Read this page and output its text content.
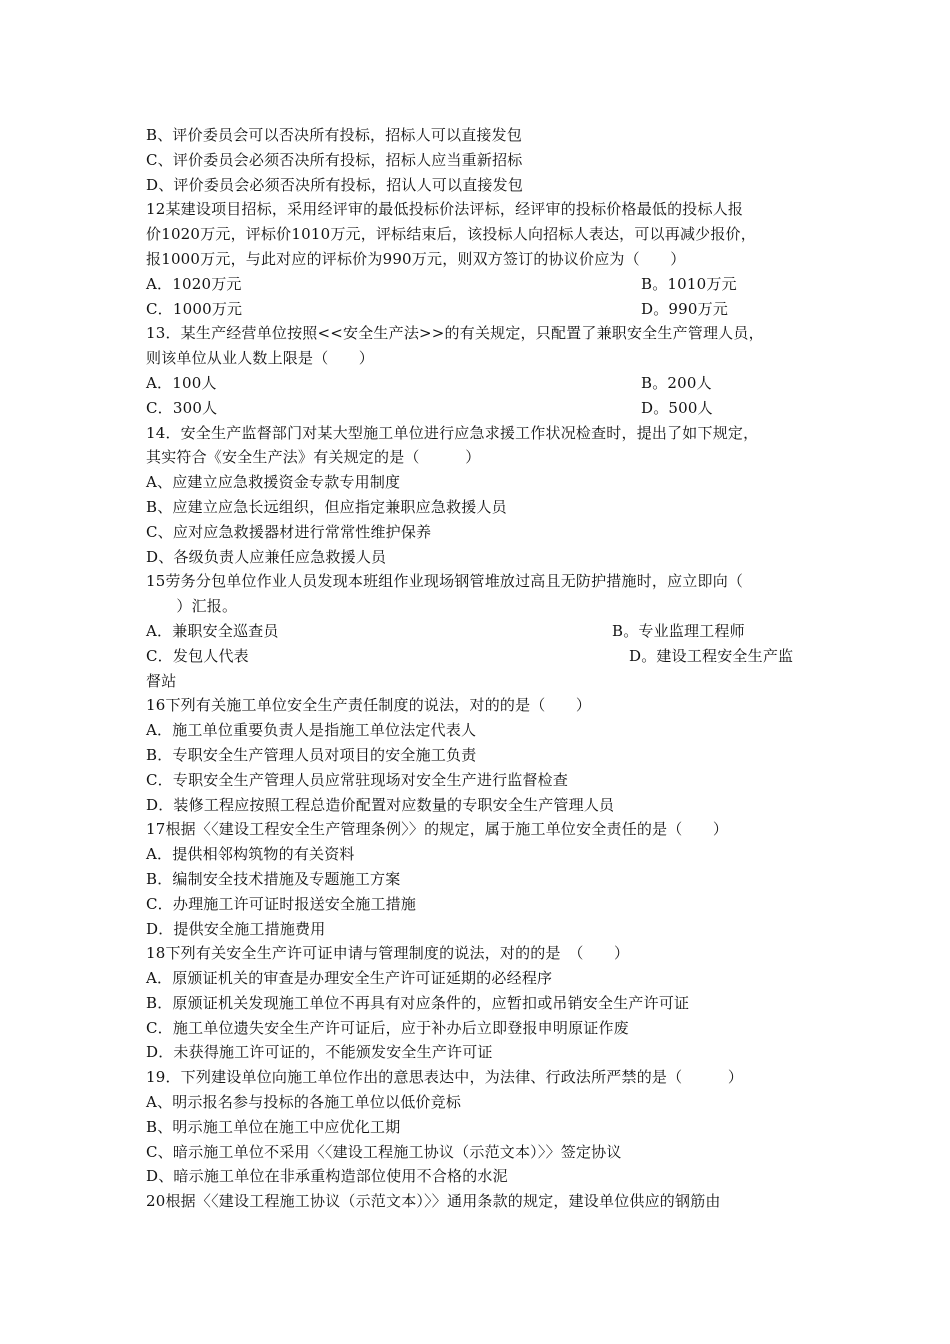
B、评价委员会可以否决所有投标，招标人可以直接发包
C、评价委员会必须否决所有投标，招标人应当重新招标
D、评价委员会必须否决所有投标，招认人可以直接发包
12某建设项目招标，采用经评审的最低投标价法评标，经评审的投标价格最低的投标人报
价1020万元，评标价1010万元，评标结束后，该投标人向招标人表达，可以再减少报价，
报1000万元，与此对应的评标价为990万元，则双方签订的协议价应为（　　）
A．1020万元	B。1010万元
C．1000万元	D。990万元
13．某生产经营单位按照<<安全生产法>>的有关规定，只配置了兼职安全生产管理人员，
则该单位从业人数上限是（　　）
A．100人	B。200人
C．300人	D。500人
14．安全生产监督部门对某大型施工单位进行应急求援工作状况检查时，提出了如下规定，
其实符合《安全生产法》有关规定的是（　　　）
A、应建立应急救援资金专款专用制度
B、应建立应急长远组织，但应指定兼职应急救援人员
C、应对应急救援器材进行常常性维护保养
D、各级负责人应兼任应急救援人员
15劳务分包单位作业人员发现本班组作业现场钢管堆放过高且无防护措施时，应立即向（
　　）汇报。
A．兼职安全巡查员	B。专业监理工程师
C．发包人代表	D。建设工程安全生产监
督站
16下列有关施工单位安全生产责任制度的说法，对的的是（　　）
A．施工单位重要负责人是指施工单位法定代表人
B．专职安全生产管理人员对项目的安全施工负责
C．专职安全生产管理人员应常驻现场对安全生产进行监督检查
D．装修工程应按照工程总造价配置对应数量的专职安全生产管理人员
17根据〈〈建设工程安全生产管理条例〉〉的规定，属于施工单位安全责任的是（　　）
A．提供相邻构筑物的有关资料
B．编制安全技术措施及专题施工方案
C．办理施工许可证时报送安全施工措施
D．提供安全施工措施费用
18下列有关安全生产许可证申请与管理制度的说法，对的的是　（　　）
A．原颁证机关的审查是办理安全生产许可证延期的必经程序
B．原颁证机关发现施工单位不再具有对应条件的，应暂扣或吊销安全生产许可证
C．施工单位遗失安全生产许可证后，应于补办后立即登报申明原证作废
D．未获得施工许可证的，不能颁发安全生产许可证
19．下列建设单位向施工单位作出的意思表达中，为法律、行政法所严禁的是（　　　）
A、明示报名参与投标的各施工单位以低价竞标
B、明示施工单位在施工中应优化工期
C、暗示施工单位不采用〈〈建设工程施工协议（示范文本）〉〉签定协议
D、暗示施工单位在非承重构造部位使用不合格的水泥
20根据〈〈建设工程施工协议（示范文本）〉〉通用条款的规定，建设单位供应的钢筋由
